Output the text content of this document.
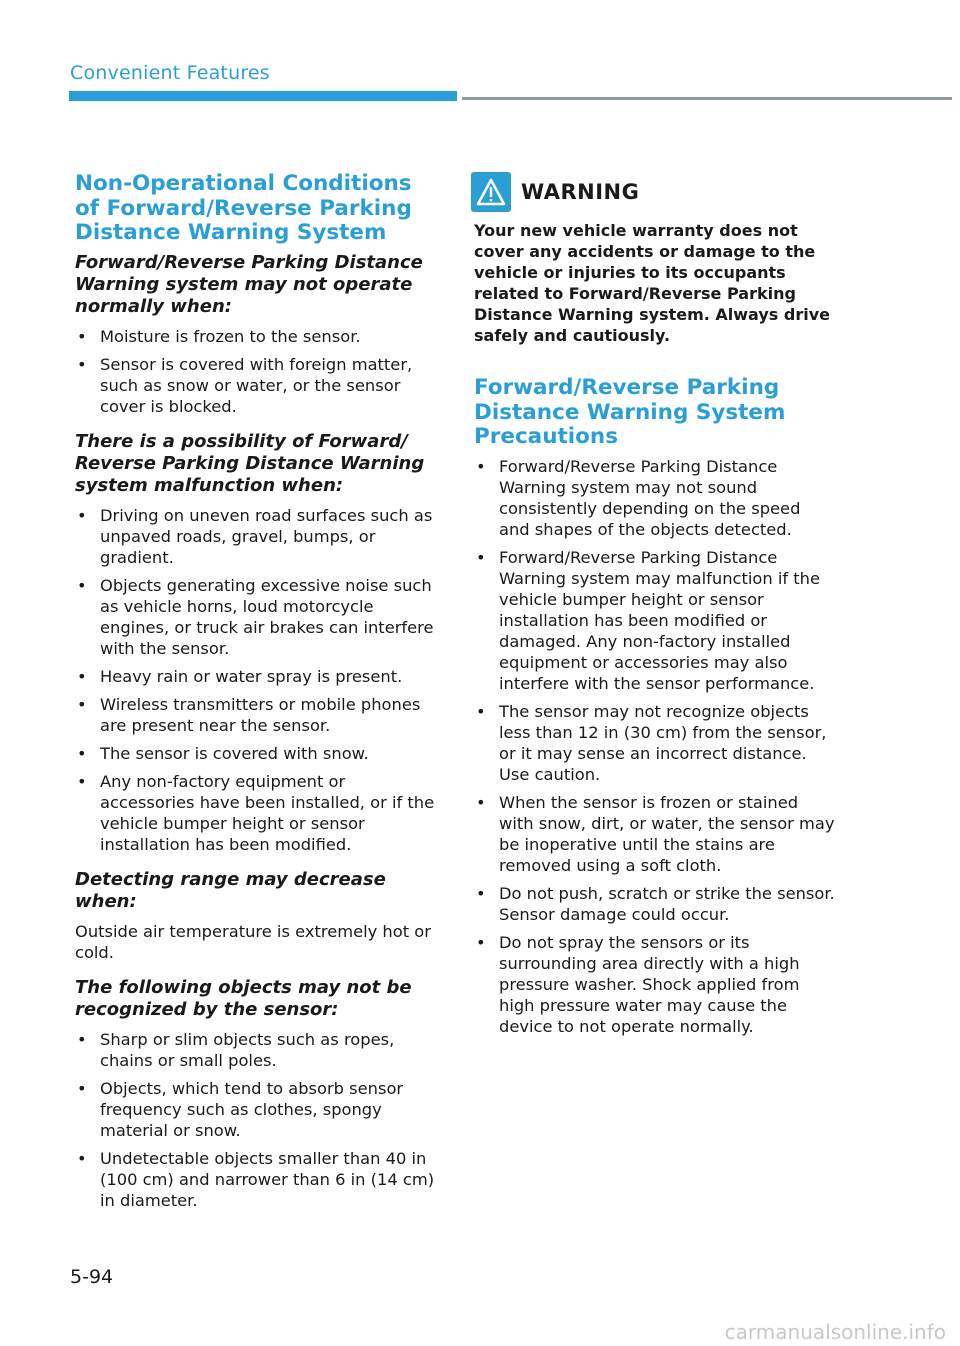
Convenient Features
Non-Operational Conditions of Forward/Reverse Parking Distance Warning System
Forward/Reverse Parking Distance Warning system may not operate normally when:
• Moisture is frozen to the sensor.
• Sensor is covered with foreign matter, such as snow or water, or the sensor cover is blocked.
There is a possibility of Forward/ Reverse Parking Distance Warning system malfunction when:
• Driving on uneven road surfaces such as unpaved roads, gravel, bumps, or gradient.
• Objects generating excessive noise such as vehicle horns, loud motorcycle engines, or truck air brakes can interfere with the sensor.
• Heavy rain or water spray is present.
• Wireless transmitters or mobile phones are present near the sensor.
• The sensor is covered with snow.
• Any non-factory equipment or accessories have been installed, or if the vehicle bumper height or sensor installation has been modified.
Detecting range may decrease when:

Outside air temperature is extremely hot or cold.

The following objects may not be recognized by the sensor:
• Sharp or slim objects such as ropes, chains or small poles.
• Objects, which tend to absorb sensor frequency such as clothes, spongy material or snow.
• Undetectable objects smaller than 40 in (100 cm) and narrower than 6 in (14 cm) in diameter.
WARNING

Your new vehicle warranty does not cover any accidents or damage to the vehicle or injuries to its occupants related to Forward/Reverse Parking Distance Warning system. Always drive safely and cautiously.

Forward/Reverse Parking Distance Warning System Precautions
• Forward/Reverse Parking Distance Warning system may not sound consistently depending on the speed and shapes of the objects detected.
• Forward/Reverse Parking Distance Warning system may malfunction if the vehicle bumper height or sensor installation has been modified or damaged. Any non-factory installed equipment or accessories may also interfere with the sensor performance.
• The sensor may not recognize objects less than 12 in (30 cm) from the sensor, or it may sense an incorrect distance. Use caution.
• When the sensor is frozen or stained with snow, dirt, or water, the sensor may be inoperative until the stains are removed using a soft cloth.
• Do not push, scratch or strike the sensor. Sensor damage could occur.
• Do not spray the sensors or its surrounding area directly with a high pressure washer. Shock applied from high pressure water may cause the device to not operate normally.
5-94
carmanualsonline.info
